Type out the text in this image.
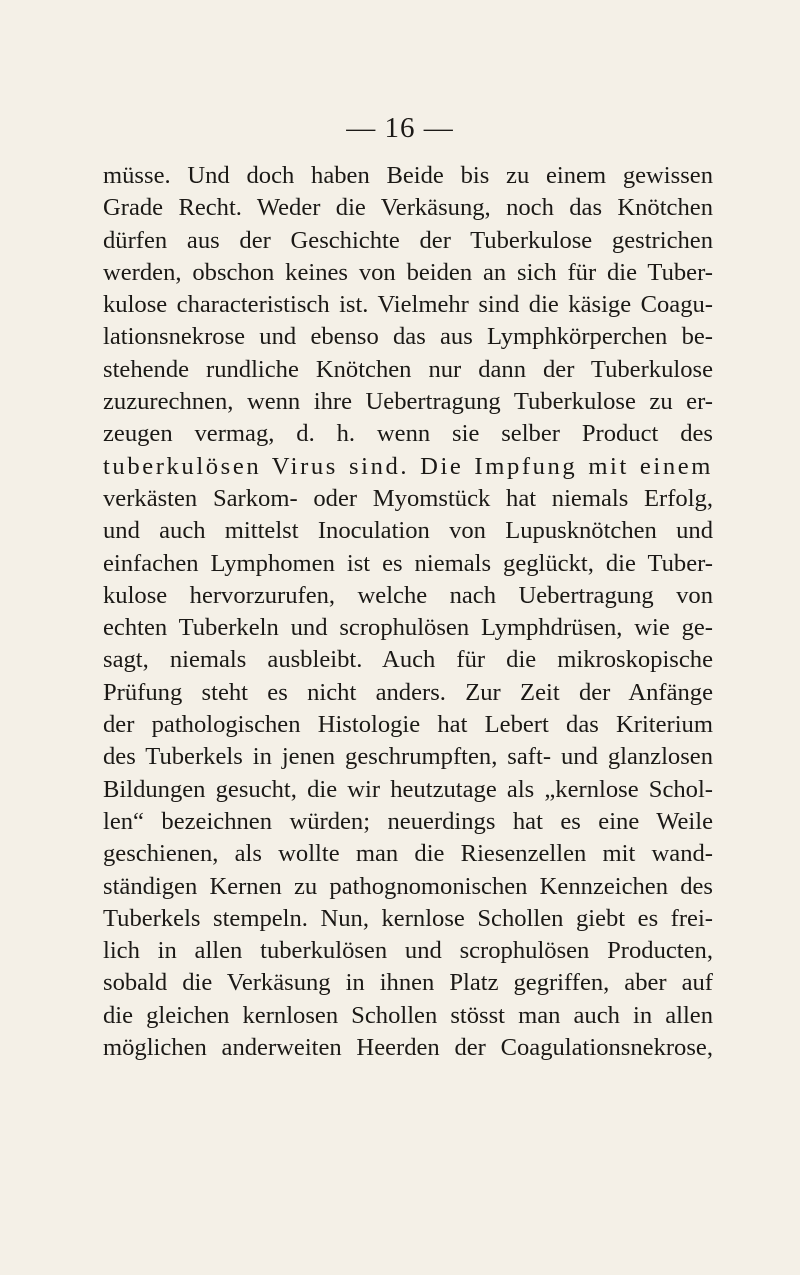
— 16 —
müsse. Und doch haben Beide bis zu einem gewissen
Grade Recht. Weder die Verkäsung, noch das Knötchen
dürfen aus der Geschichte der Tuberkulose gestrichen
werden, obschon keines von beiden an sich für die Tuber-
kulose characteristisch ist. Vielmehr sind die käsige Coagu-
lationsnekrose und ebenso das aus Lymphkörperchen be-
stehende rundliche Knötchen nur dann der Tuberkulose
zuzurechnen, wenn ihre Uebertragung Tuberkulose zu er-
zeugen vermag, d. h. wenn sie selber Product des
tuberkulösen Virus sind. Die Impfung mit einem
verkästen Sarkom- oder Myomstück hat niemals Erfolg,
und auch mittelst Inoculation von Lupusknötchen und
einfachen Lymphomen ist es niemals geglückt, die Tuber-
kulose hervorzurufen, welche nach Uebertragung von
echten Tuberkeln und scrophulösen Lymphdrüsen, wie ge-
sagt, niemals ausbleibt. Auch für die mikroskopische
Prüfung steht es nicht anders. Zur Zeit der Anfänge
der pathologischen Histologie hat Lebert das Kriterium
des Tuberkels in jenen geschrumpften, saft- und glanzlosen
Bildungen gesucht, die wir heutzutage als „kernlose Schol-
len“ bezeichnen würden; neuerdings hat es eine Weile
geschienen, als wollte man die Riesenzellen mit wand-
ständigen Kernen zu pathognomonischen Kennzeichen des
Tuberkels stempeln. Nun, kernlose Schollen giebt es frei-
lich in allen tuberkulösen und scrophulösen Producten,
sobald die Verkäsung in ihnen Platz gegriffen, aber auf
die gleichen kernlosen Schollen stösst man auch in allen
möglichen anderweiten Heerden der Coagulationsnekrose,
